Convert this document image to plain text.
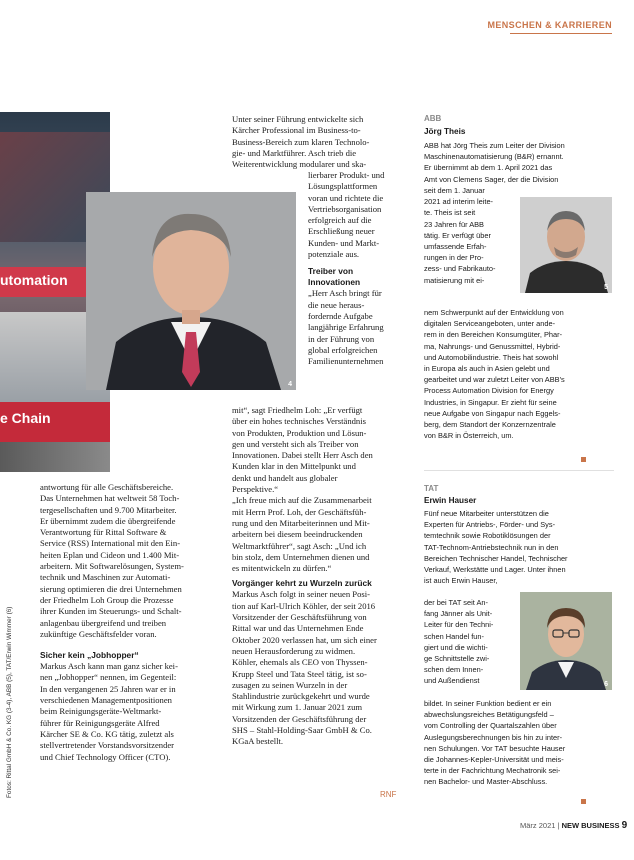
MENSCHEN & KARRIEREN
utomation
e Chain
4
antwortung für alle Geschäftsbereiche.
Das Unternehmen hat weltweit 58 Toch-
tergesellschaften und 9.700 Mitarbeiter.
Er übernimmt zudem die übergreifende
Verantwortung für Rittal Software &
Service (RSS) International mit den Ein-
heiten Eplan und Cideon und 1.400 Mit-
arbeitern. Mit Softwarelösungen, System-
technik und Maschinen zur Automati-
sierung optimieren die drei Unternehmen
der Friedhelm Loh Group die Prozesse
ihrer Kunden im Steuerungs- und Schalt-
anlagenbau übergreifend und treiben
zukünftige Geschäftsfelder voran.
Sicher kein „Jobhopper“
Markus Asch kann man ganz sicher kei-
nen „Jobhopper“ nennen, im Gegenteil:
In den vergangenen 25 Jahren war er in
verschiedenen Managementpositionen
beim Reinigungsgeräte-Weltmarkt-
führer für Reinigungsgeräte Alfred
Kärcher SE & Co. KG tätig, zuletzt als
stellvertretender Vorstandsvorsitzender
und Chief Technology Officer (CTO).
Fotos: Rittal GmbH & Co. KG (3-4), ABB (5), TAT/Erwin Wimmer (6)
Unter seiner Führung entwickelte sich
Kärcher Professional im Business-to-
Business-Bereich zum klaren Technolo-
gie- und Marktführer. Asch trieb die
Weiterentwicklung modularer und ska-
lierbarer Produkt- und
Lösungsplattformen
voran und richtete die
Vertriebsorganisation
erfolgreich auf die
Erschließung neuer
Kunden- und Markt-
potenziale aus.
Treiber von Innovationen
„Herr Asch bringt für
die neue heraus-
fordernde Aufgabe
langjährige Erfahrung
in der Führung von
global erfolgreichen
Familienunternehmen
mit“, sagt Friedhelm Loh: „Er verfügt
über ein hohes technisches Verständnis
von Produkten, Produktion und Lösun-
gen und versteht sich als Treiber von
Innovationen. Dabei stellt Herr Asch den
Kunden klar in den Mittelpunkt und
denkt und handelt aus globaler
Perspektive.“
„Ich freue mich auf die Zusammenarbeit
mit Herrn Prof. Loh, der Geschäftsfüh-
rung und den Mitarbeiterinnen und Mit-
arbeitern bei diesem beeindruckenden
Weltmarktführer“, sagt Asch: „Und ich
bin stolz, dem Unternehmen dienen und
es mitentwickeln zu dürfen.“
Vorgänger kehrt zu Wurzeln zurück
Markus Asch folgt in seiner neuen Posi-
tion auf Karl-Ulrich Köhler, der seit 2016
Vorsitzender der Geschäftsführung von
Rittal war und das Unternehmen Ende
Oktober 2020 verlassen hat, um sich einer
neuen Herausforderung zu widmen.
Köhler, ehemals als CEO von Thyssen-
Krupp Steel und Tata Steel tätig, ist so-
zusagen zu seinen Wurzeln in der
Stahlindustrie zurückgekehrt und wurde
mit Wirkung zum 1. Januar 2021 zum
Vorsitzenden der Geschäftsführung der
SHS – Stahl-Holding-Saar GmbH & Co.
KGaA bestellt.
RNF
ABB
Jörg Theis
ABB hat Jörg Theis zum Leiter der Division
Maschinenautomatisierung (B&R) ernannt.
Er übernimmt ab dem 1. April 2021 das
Amt von Clemens Sager, der die Division
seit dem 1. Januar
2021 ad interim leite-
te. Theis ist seit
23 Jahren für ABB
tätig. Er verfügt über
umfassende Erfah-
rungen in der Pro-
zess- und Fabrikauto-
matisierung mit ei-
nem Schwerpunkt auf der Entwicklung von
digitalen Serviceangeboten, unter ande-
rem in den Bereichen Konsumgüter, Phar-
ma, Nahrungs- und Genussmittel, Hybrid-
und Automobilindustrie. Theis hat sowohl
in Europa als auch in Asien gelebt und
gearbeitet und war zuletzt Leiter von ABB's
Process Automation Division for Energy
Industries, in Singapur. Er zieht für seine
neue Aufgabe von Singapur nach Eggels-
berg, dem Standort der Konzernzentrale
von B&R in Österreich, um.
5
TAT
Erwin Hauser
Fünf neue Mitarbeiter unterstützen die
Experten für Antriebs-, Förder- und Sys-
temtechnik sowie Robotiklösungen der
TAT-Technom-Antriebstechnik nun in den
Bereichen Technischer Handel, Technischer
Verkauf, Werkstätte und Lager. Unter ihnen
ist auch Erwin Hauser,
der bei TAT seit An-
fang Jänner als Unit-
Leiter für den Techni-
schen Handel fun-
giert und die wichti-
ge Schnittstelle zwi-
schen dem Innen-
und Außendienst
bildet. In seiner Funktion bedient er ein
abwechslungsreiches Betätigungsfeld –
vom Controlling der Quartalszahlen über
Auslegungsberechnungen bis hin zu inter-
nen Schulungen. Vor TAT besuchte Hauser
die Johannes-Kepler-Universität und meis-
terte in der Fachrichtung Mechatronik sei-
nen Bachelor- und Master-Abschluss.
6
März 2021 | NEW BUSINESS 9
